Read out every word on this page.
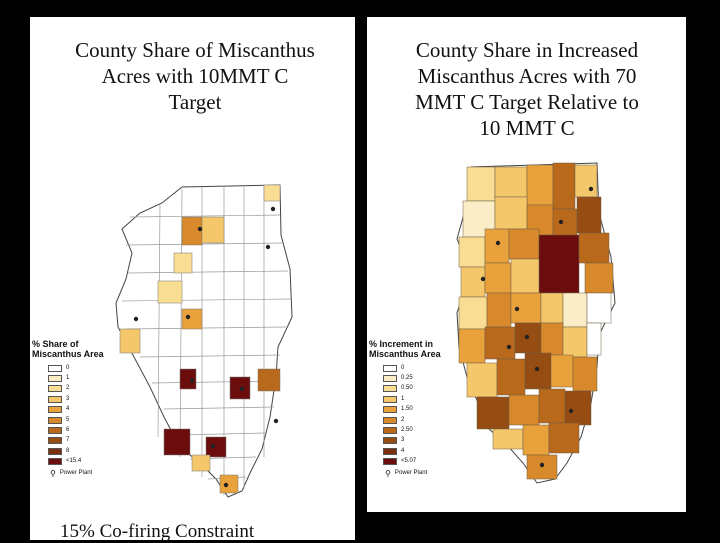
County Share of Miscanthus
Acres with 10MMT C
Target
% Share of
Miscanthus Area
0
1
2
3
4
5
6
7
8
<15.4
⚲ Power Plant
County Share in Increased
Miscanthus Acres with 70
MMT C Target Relative to
10 MMT C
% Increment in
Miscanthus Area
0
0.25
0.50
1
1.50
2
2.50
3
4
<5.07
⚲ Power Plant
15% Co-firing Constraint
